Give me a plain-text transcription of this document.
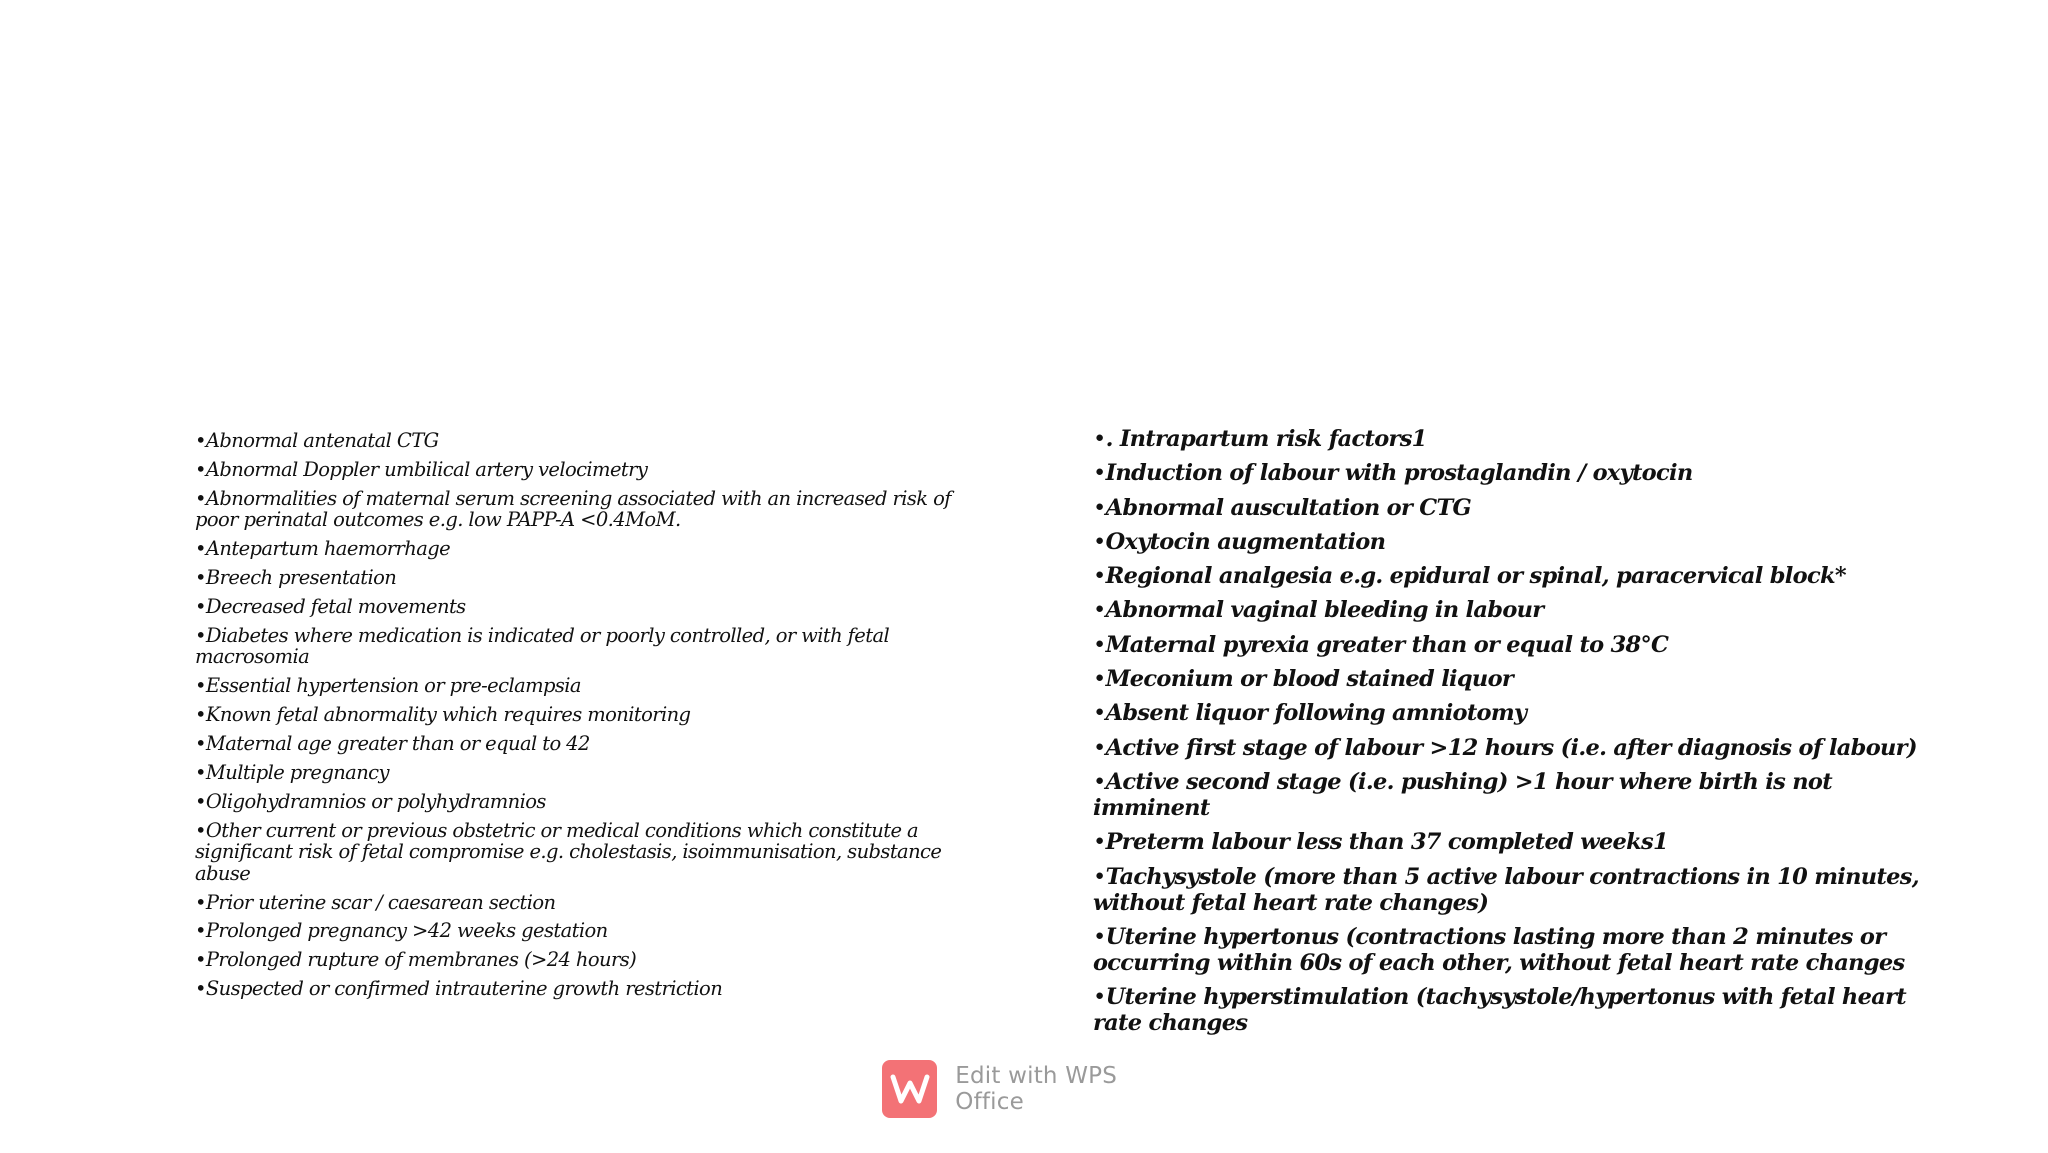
•Abnormal antenatal CTG
•Abnormal Doppler umbilical artery velocimetry
•Abnormalities of maternal serum screening associated with an increased risk of poor perinatal outcomes e.g. low PAPP-A <0.4MoM.
•Antepartum haemorrhage
•Breech presentation
•Decreased fetal movements
•Diabetes where medication is indicated or poorly controlled, or with fetal macrosomia
•Essential hypertension or pre-eclampsia
•Known fetal abnormality which requires monitoring
•Maternal age greater than or equal to 42
•Multiple pregnancy
•Oligohydramnios or polyhydramnios
•Other current or previous obstetric or medical conditions which constitute a significant risk of fetal compromise e.g. cholestasis, isoimmunisation, substance abuse
•Prior uterine scar / caesarean section
•Prolonged pregnancy >42 weeks gestation
•Prolonged rupture of membranes (>24 hours)
•Suspected or confirmed intrauterine growth restriction
•. Intrapartum risk factors1
•Induction of labour with prostaglandin / oxytocin
•Abnormal auscultation or CTG
•Oxytocin augmentation
•Regional analgesia e.g. epidural or spinal, paracervical block*
•Abnormal vaginal bleeding in labour
•Maternal pyrexia greater than or equal to 38°C
•Meconium or blood stained liquor
•Absent liquor following amniotomy
•Active first stage of labour >12 hours (i.e. after diagnosis of labour)
•Active second stage (i.e. pushing) >1 hour where birth is not imminent
•Preterm labour less than 37 completed weeks1
•Tachysystole (more than 5 active labour contractions in 10 minutes, without fetal heart rate changes)
•Uterine hypertonus (contractions lasting more than 2 minutes or occurring within 60s of each other, without fetal heart rate changes
•Uterine hyperstimulation (tachysystole/hypertonus with fetal heart rate changes
Edit with WPS Office
